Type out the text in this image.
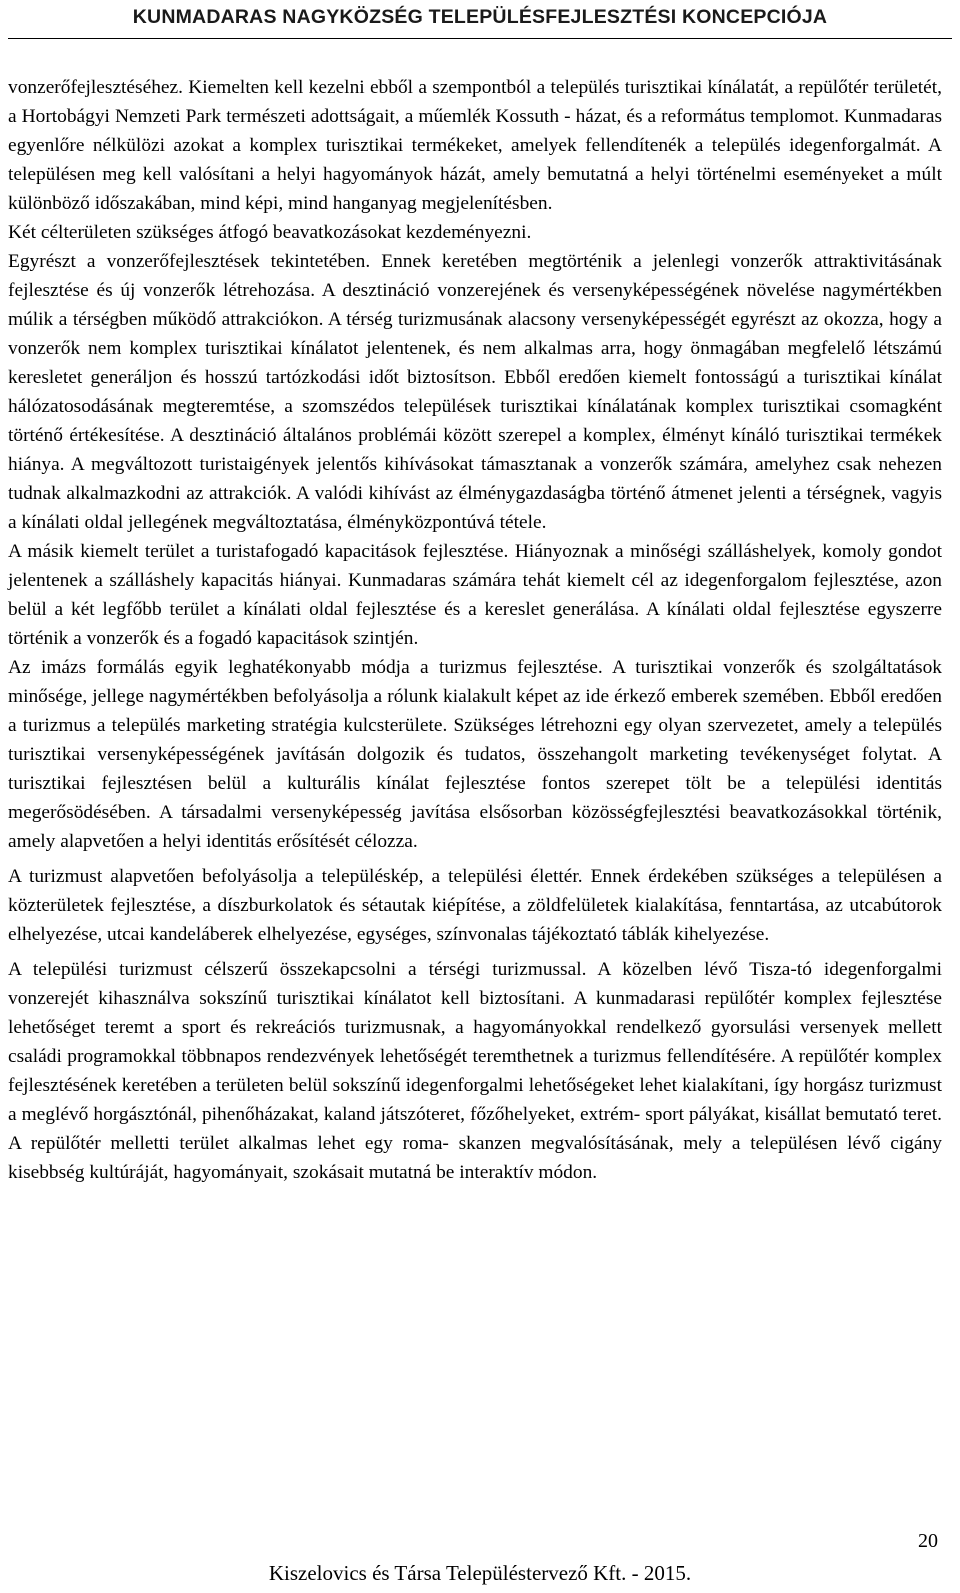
KUNMADARAS NAGYKÖZSÉG TELEPÜLÉSFEJLESZTÉSI KONCEPCIÓJA

vonzerőfejlesztéséhez. Kiemelten kell kezelni ebből a szempontból a település turisztikai kínálatát, a repülőtér területét, a Hortobágyi Nemzeti Park természeti adottságait, a műemlék Kossuth - házat, és a református templomot. Kunmadaras egyenlőre nélkülözi azokat a komplex turisztikai termékeket, amelyek fellendítenék a település idegenforgalmát. A településen meg kell valósítani a helyi hagyományok házát, amely bemutatná a helyi történelmi eseményeket a múlt különböző időszakában, mind képi, mind hanganyag megjelenítésben.

Két célterületen szükséges átfogó beavatkozásokat kezdeményezni.

Egyrészt a vonzerőfejlesztések tekintetében. Ennek keretében megtörténik a jelenlegi vonzerők attraktivitásának fejlesztése és új vonzerők létrehozása. A desztináció vonzerejének és versenyképességének növelése nagymértékben múlik a térségben működő attrakciókon. A térség turizmusának alacsony versenyképességét egyrészt az okozza, hogy a vonzerők nem komplex turisztikai kínálatot jelentenek, és nem alkalmas arra, hogy önmagában megfelelő létszámú keresletet generáljon és hosszú tartózkodási időt biztosítson. Ebből eredően kiemelt fontosságú a turisztikai kínálat hálózatosodásának megteremtése, a szomszédos települések turisztikai kínálatának komplex turisztikai csomagként történő értékesítése. A desztináció általános problémái között szerepel a komplex, élményt kínáló turisztikai termékek hiánya. A megváltozott turistaigények jelentős kihívásokat támasztanak a vonzerők számára, amelyhez csak nehezen tudnak alkalmazkodni az attrakciók. A valódi kihívást az élménygazdaságba történő átmenet jelenti a térségnek, vagyis a kínálati oldal jellegének megváltoztatása, élményközpontúvá tétele.

A másik kiemelt terület a turistafogadó kapacitások fejlesztése. Hiányoznak a minőségi szálláshelyek, komoly gondot jelentenek a szálláshely kapacitás hiányai. Kunmadaras számára tehát kiemelt cél az idegenforgalom fejlesztése, azon belül a két legfőbb terület a kínálati oldal fejlesztése és a kereslet generálása. A kínálati oldal fejlesztése egyszerre történik a vonzerők és a fogadó kapacitások szintjén.

Az imázs formálás egyik leghatékonyabb módja a turizmus fejlesztése. A turisztikai vonzerők és szolgáltatások minősége, jellege nagymértékben befolyásolja a rólunk kialakult képet az ide érkező emberek szemében. Ebből eredően a turizmus a település marketing stratégia kulcsterülete. Szükséges létrehozni egy olyan szervezetet, amely a település turisztikai versenyképességének javításán dolgozik és tudatos, összehangolt marketing tevékenységet folytat. A turisztikai fejlesztésen belül a kulturális kínálat fejlesztése fontos szerepet tölt be a települési identitás megerősödésében. A társadalmi versenyképesség javítása elsősorban közösségfejlesztési beavatkozásokkal történik, amely alapvetően a helyi identitás erősítését célozza.

A turizmust alapvetően befolyásolja a településkép, a települési élettér. Ennek érdekében szükséges a településen a közterületek fejlesztése, a díszburkolatok és sétautak kiépítése, a zöldfelületek kialakítása, fenntartása, az utcabútorok elhelyezése, utcai kandeláberek elhelyezése, egységes, színvonalas tájékoztató táblák kihelyezése.

A települési turizmust célszerű összekapcsolni a térségi turizmussal. A közelben lévő Tisza-tó idegenforgalmi vonzerejét kihasználva sokszínű turisztikai kínálatot kell biztosítani. A kunmadarasi repülőtér komplex fejlesztése lehetőséget teremt a sport és rekreációs turizmusnak, a hagyományokkal rendelkező gyorsulási versenyek mellett családi programokkal többnapos rendezvények lehetőségét teremthetnek a turizmus fellendítésére. A repülőtér komplex fejlesztésének keretében a területen belül sokszínű idegenforgalmi lehetőségeket lehet kialakítani, így horgász turizmust a meglévő horgásztónál, pihenőházakat, kaland játszóteret, főzőhelyeket, extrém- sport pályákat, kisállat bemutató teret. A repülőtér melletti terület alkalmas lehet egy roma- skanzen megvalósításának, mely a településen lévő cigány kisebbség kultúráját, hagyományait, szokásait mutatná be interaktív módon.

20
Kiszelovics és Társa Településtervező Kft. - 2015.
